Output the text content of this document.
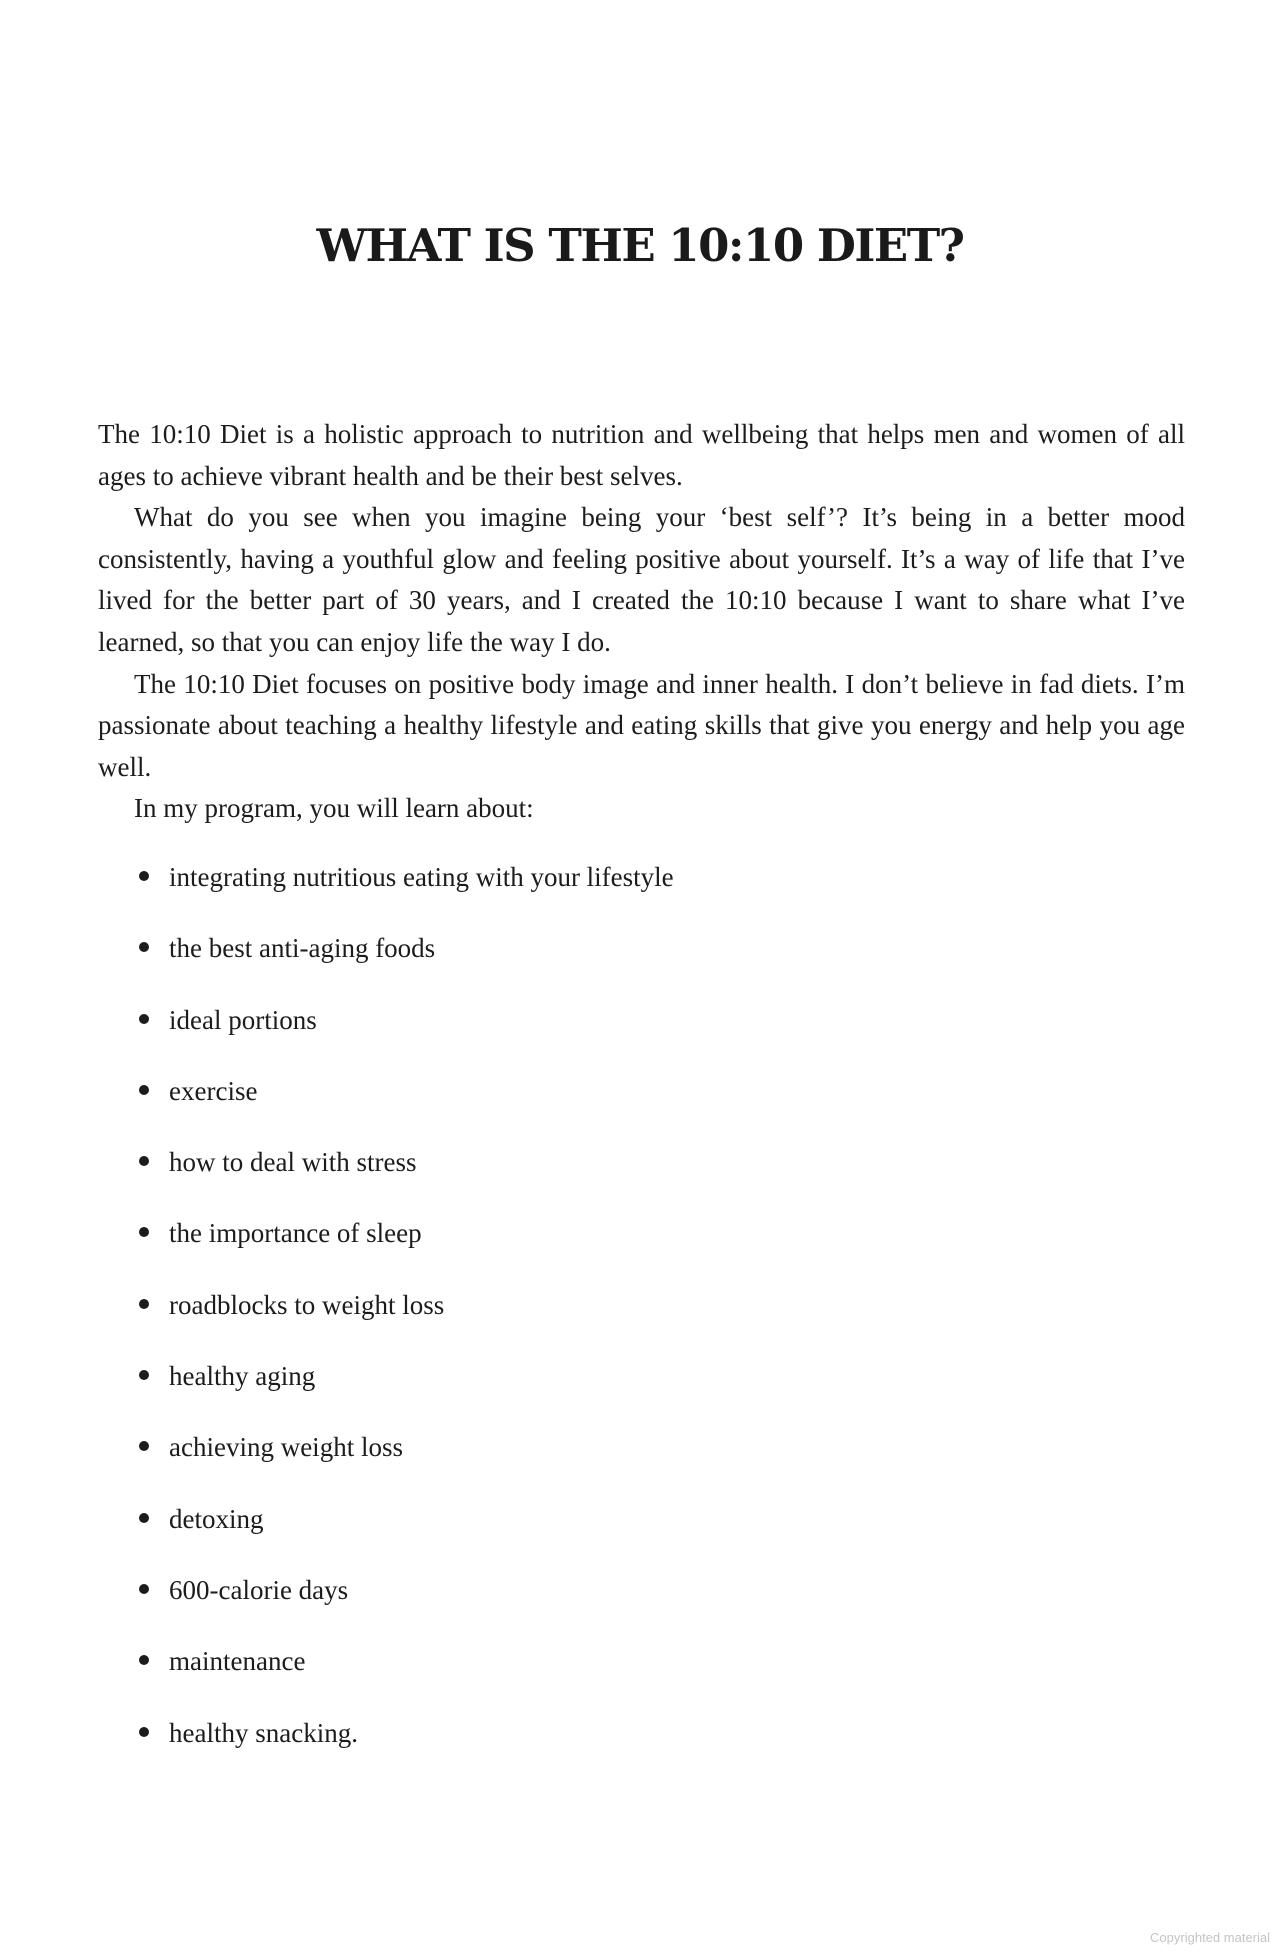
WHAT IS THE 10:10 DIET?

The 10:10 Diet is a holistic approach to nutrition and wellbeing that helps men and women of all ages to achieve vibrant health and be their best selves.

What do you see when you imagine being your ‘best self’? It’s being in a better mood consistently, having a youthful glow and feeling positive about yourself. It’s a way of life that I’ve lived for the better part of 30 years, and I created the 10:10 because I want to share what I’ve learned, so that you can enjoy life the way I do.

The 10:10 Diet focuses on positive body image and inner health. I don’t believe in fad diets. I’m passionate about teaching a healthy lifestyle and eating skills that give you energy and help you age well.

In my program, you will learn about:

integrating nutritious eating with your lifestyle
the best anti-aging foods
ideal portions
exercise
how to deal with stress
the importance of sleep
roadblocks to weight loss
healthy aging
achieving weight loss
detoxing
600-calorie days
maintenance
healthy snacking.
Copyrighted material
